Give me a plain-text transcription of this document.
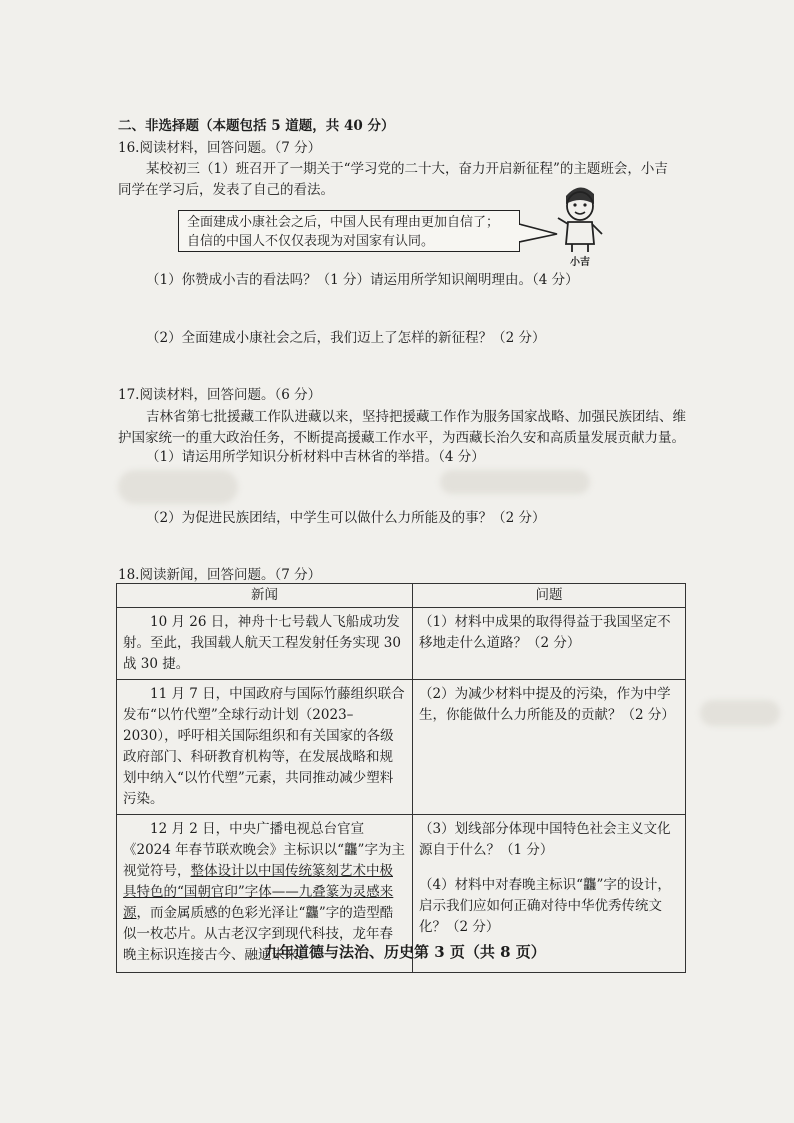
二、非选择题（本题包括 5 道题，共 40 分）
16.阅读材料，回答问题。（7 分）
某校初三（1）班召开了一期关于“学习党的二十大，奋力开启新征程”的主题班会，小吉
同学在学习后，发表了自己的看法。
全面建成小康社会之后，中国人民有理由更加自信了；自信的中国人不仅仅表现为对国家有认同。
小吉
（1）你赞成小吉的看法吗？（1 分）请运用所学知识阐明理由。（4 分）
（2）全面建成小康社会之后，我们迈上了怎样的新征程？（2 分）
17.阅读材料，回答问题。（6 分）
吉林省第七批援藏工作队进藏以来，坚持把援藏工作作为服务国家战略、加强民族团结、维
护国家统一的重大政治任务，不断提高援藏工作水平，为西藏长治久安和高质量发展贡献力量。
（1）请运用所学知识分析材料中吉林省的举措。（4 分）
（2）为促进民族团结，中学生可以做什么力所能及的事？（2 分）
18.阅读新闻，回答问题。（7 分）
新闻	问题

10 月 26 日，神舟十七号载人飞船成功发射。至此，我国载人航天工程发射任务实现 30 战 30 捷。	（1）材料中成果的取得得益于我国坚定不移地走什么道路？（2 分）

11 月 7 日，中国政府与国际竹藤组织联合发布“以竹代塑”全球行动计划（2023–2030），呼吁相关国际组织和有关国家的各级政府部门、科研教育机构等，在发展战略和规划中纳入“以竹代塑”元素，共同推动减少塑料污染。	（2）为减少材料中提及的污染，作为中学生，你能做什么力所能及的贡献？（2 分）

12 月 2 日，中央广播电视总台官宣《2024 年春节联欢晚会》主标识以“龘”字为主视觉符号，整体设计以中国传统篆刻艺术中极具特色的“国朝官印”字体——九叠篆为灵感来源，而金属质感的色彩光泽让“龘”字的造型酷似一枚芯片。从古老汉字到现代科技，龙年春晚主标识连接古今、融通未来。	（3）划线部分体现中国特色社会主义文化源自于什么？（1 分）
（4）材料中对春晚主标识“龘”字的设计，启示我们应如何正确对待中华优秀传统文化？（2 分）
九年道德与法治、历史第 3 页（共 8 页）
